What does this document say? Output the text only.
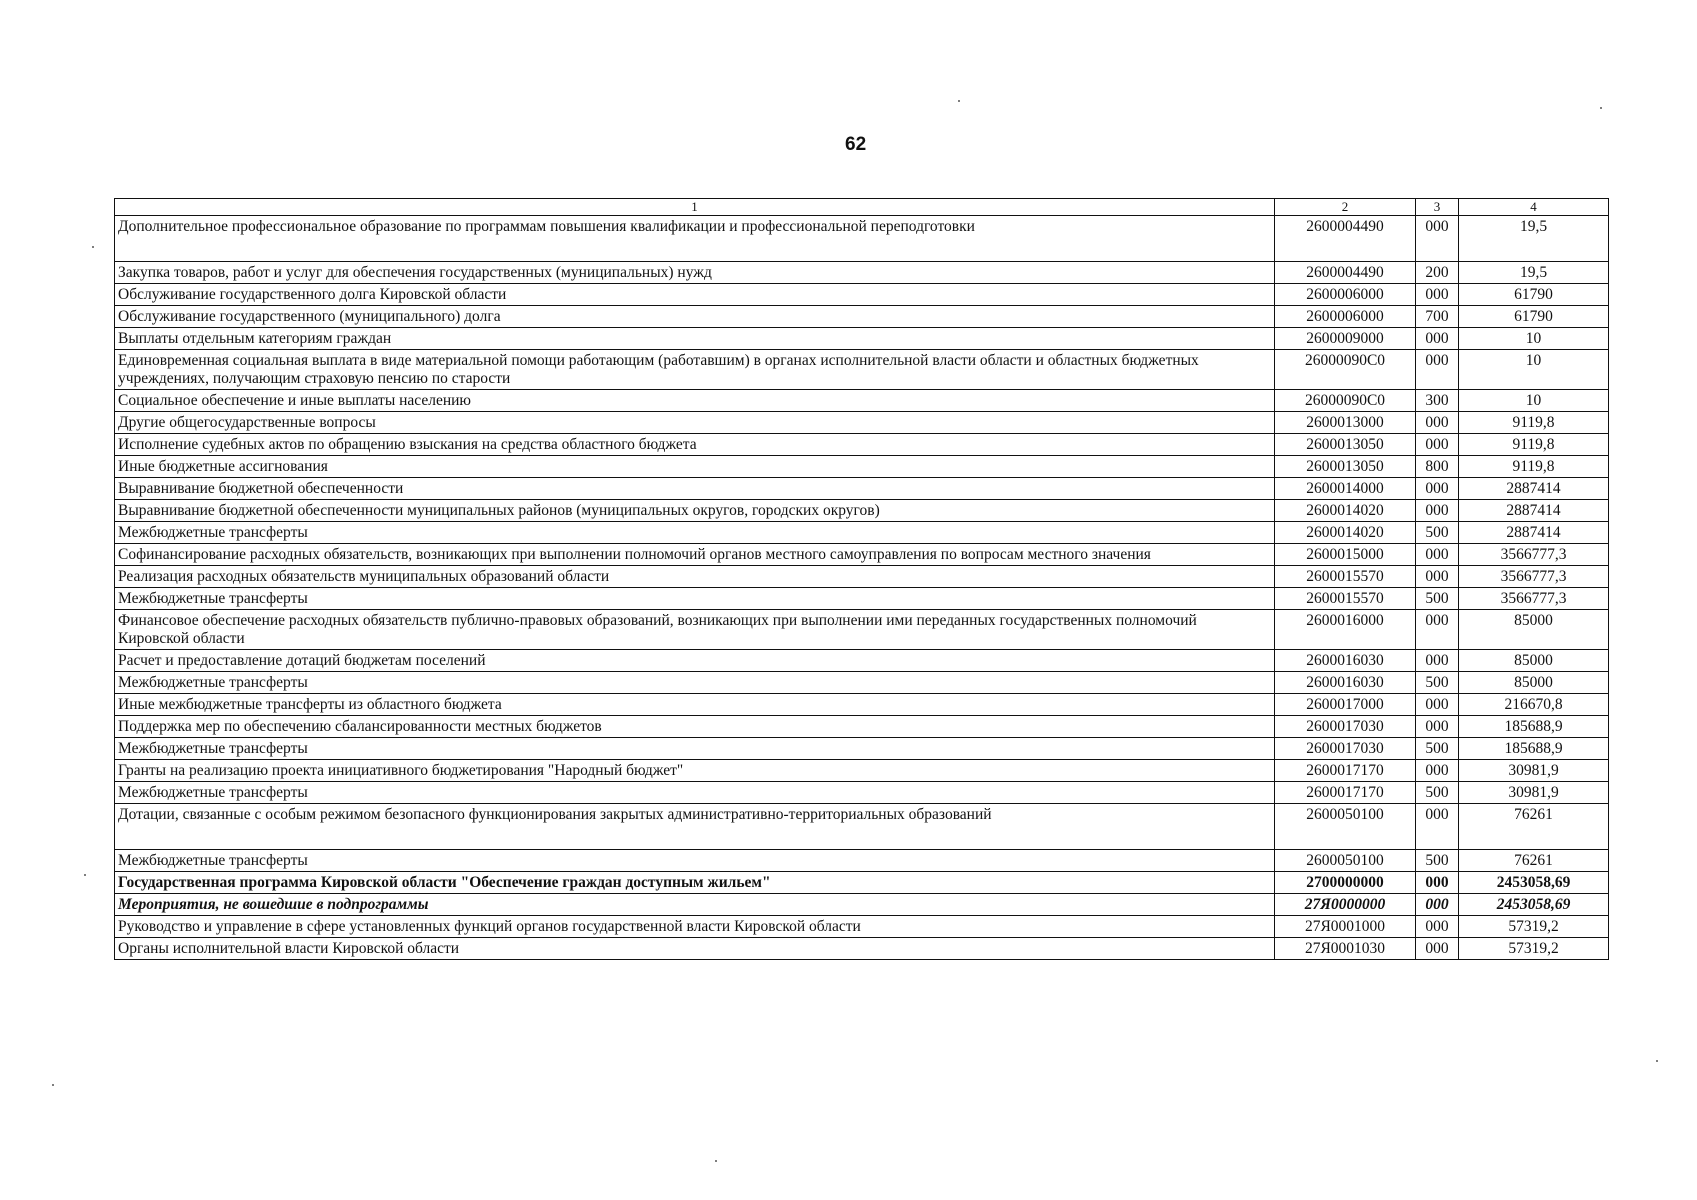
62
1	2	3	4
Дополнительное профессиональное образование по программам повышения квалификации и профессиональной переподготовки	2600004490	000	19,5
Закупка товаров, работ и услуг для обеспечения государственных (муниципальных) нужд	2600004490	200	19,5
Обслуживание государственного долга Кировской области	2600006000	000	61790
Обслуживание государственного (муниципального) долга	2600006000	700	61790
Выплаты отдельным категориям граждан	2600009000	000	10
Единовременная социальная выплата в виде материальной помощи работающим (работавшим) в органах исполнительной власти области и областных бюджетных учреждениях, получающим страховую пенсию по старости	26000090С0	000	10
Социальное обеспечение и иные выплаты населению	26000090С0	300	10
Другие общегосударственные вопросы	2600013000	000	9119,8
Исполнение судебных актов по обращению взыскания на средства областного бюджета	2600013050	000	9119,8
Иные бюджетные ассигнования	2600013050	800	9119,8
Выравнивание бюджетной обеспеченности	2600014000	000	2887414
Выравнивание бюджетной обеспеченности муниципальных районов (муниципальных округов, городских округов)	2600014020	000	2887414
Межбюджетные трансферты	2600014020	500	2887414
Софинансирование расходных обязательств, возникающих при выполнении полномочий органов местного самоуправления по вопросам местного значения	2600015000	000	3566777,3
Реализация расходных обязательств муниципальных образований области	2600015570	000	3566777,3
Межбюджетные трансферты	2600015570	500	3566777,3
Финансовое обеспечение расходных обязательств публично-правовых образований, возникающих при выполнении ими переданных государственных полномочий Кировской области	2600016000	000	85000
Расчет и предоставление дотаций бюджетам поселений	2600016030	000	85000
Межбюджетные трансферты	2600016030	500	85000
Иные межбюджетные трансферты из областного бюджета	2600017000	000	216670,8
Поддержка мер по обеспечению сбалансированности местных бюджетов	2600017030	000	185688,9
Межбюджетные трансферты	2600017030	500	185688,9
Гранты на реализацию проекта инициативного бюджетирования "Народный бюджет"	2600017170	000	30981,9
Межбюджетные трансферты	2600017170	500	30981,9
Дотации, связанные с особым режимом безопасного функционирования закрытых административно-территориальных образований	2600050100	000	76261
Межбюджетные трансферты	2600050100	500	76261
Государственная программа Кировской области "Обеспечение граждан доступным жильем"	2700000000	000	2453058,69
Мероприятия, не вошедшие в подпрограммы	27Я0000000	000	2453058,69
Руководство и управление в сфере установленных функций органов государственной власти Кировской области	27Я0001000	000	57319,2
Органы исполнительной власти Кировской области	27Я0001030	000	57319,2
